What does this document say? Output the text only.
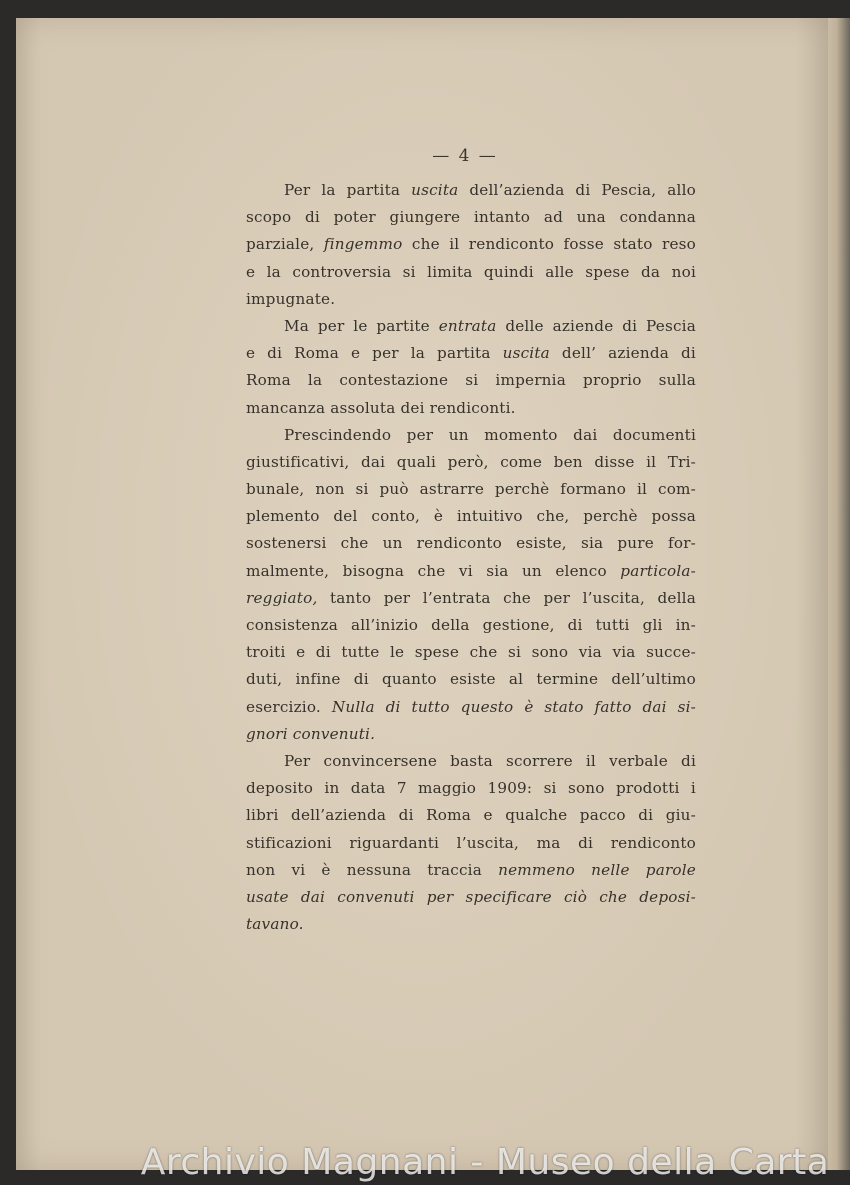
— 4 —
Per la partita uscita dell’azienda di Pescia, allo
scopo di poter giungere intanto ad una condanna
parziale, fingemmo che il rendiconto fosse stato reso
e la controversia si limita quindi alle spese da noi
impugnate.
Ma per le partite entrata delle aziende di Pescia
e di Roma e per la partita uscita dell’ azienda di
Roma la contestazione si impernia proprio sulla
mancanza assoluta dei rendiconti.
Prescindendo per un momento dai documenti
giustificativi, dai quali però, come ben disse il Tri-
bunale, non si può astrarre perchè formano il com-
plemento del conto, è intuitivo che, perchè possa
sostenersi che un rendiconto esiste, sia pure for-
malmente, bisogna che vi sia un elenco particola-
reggiato, tanto per l’entrata che per l’uscita, della
consistenza all’inizio della gestione, di tutti gli in-
troiti e di tutte le spese che si sono via via succe-
duti, infine di quanto esiste al termine dell’ultimo
esercizio. Nulla di tutto questo è stato fatto dai si-
gnori convenuti.
Per convincersene basta scorrere il verbale di
deposito in data 7 maggio 1909: si sono prodotti i
libri dell’azienda di Roma e qualche pacco di giu-
stificazioni riguardanti l’uscita, ma di rendiconto
non vi è nessuna traccia nemmeno nelle parole
usate dai convenuti per specificare ciò che deposi-
tavano.
Archivio Magnani - Museo della Carta
